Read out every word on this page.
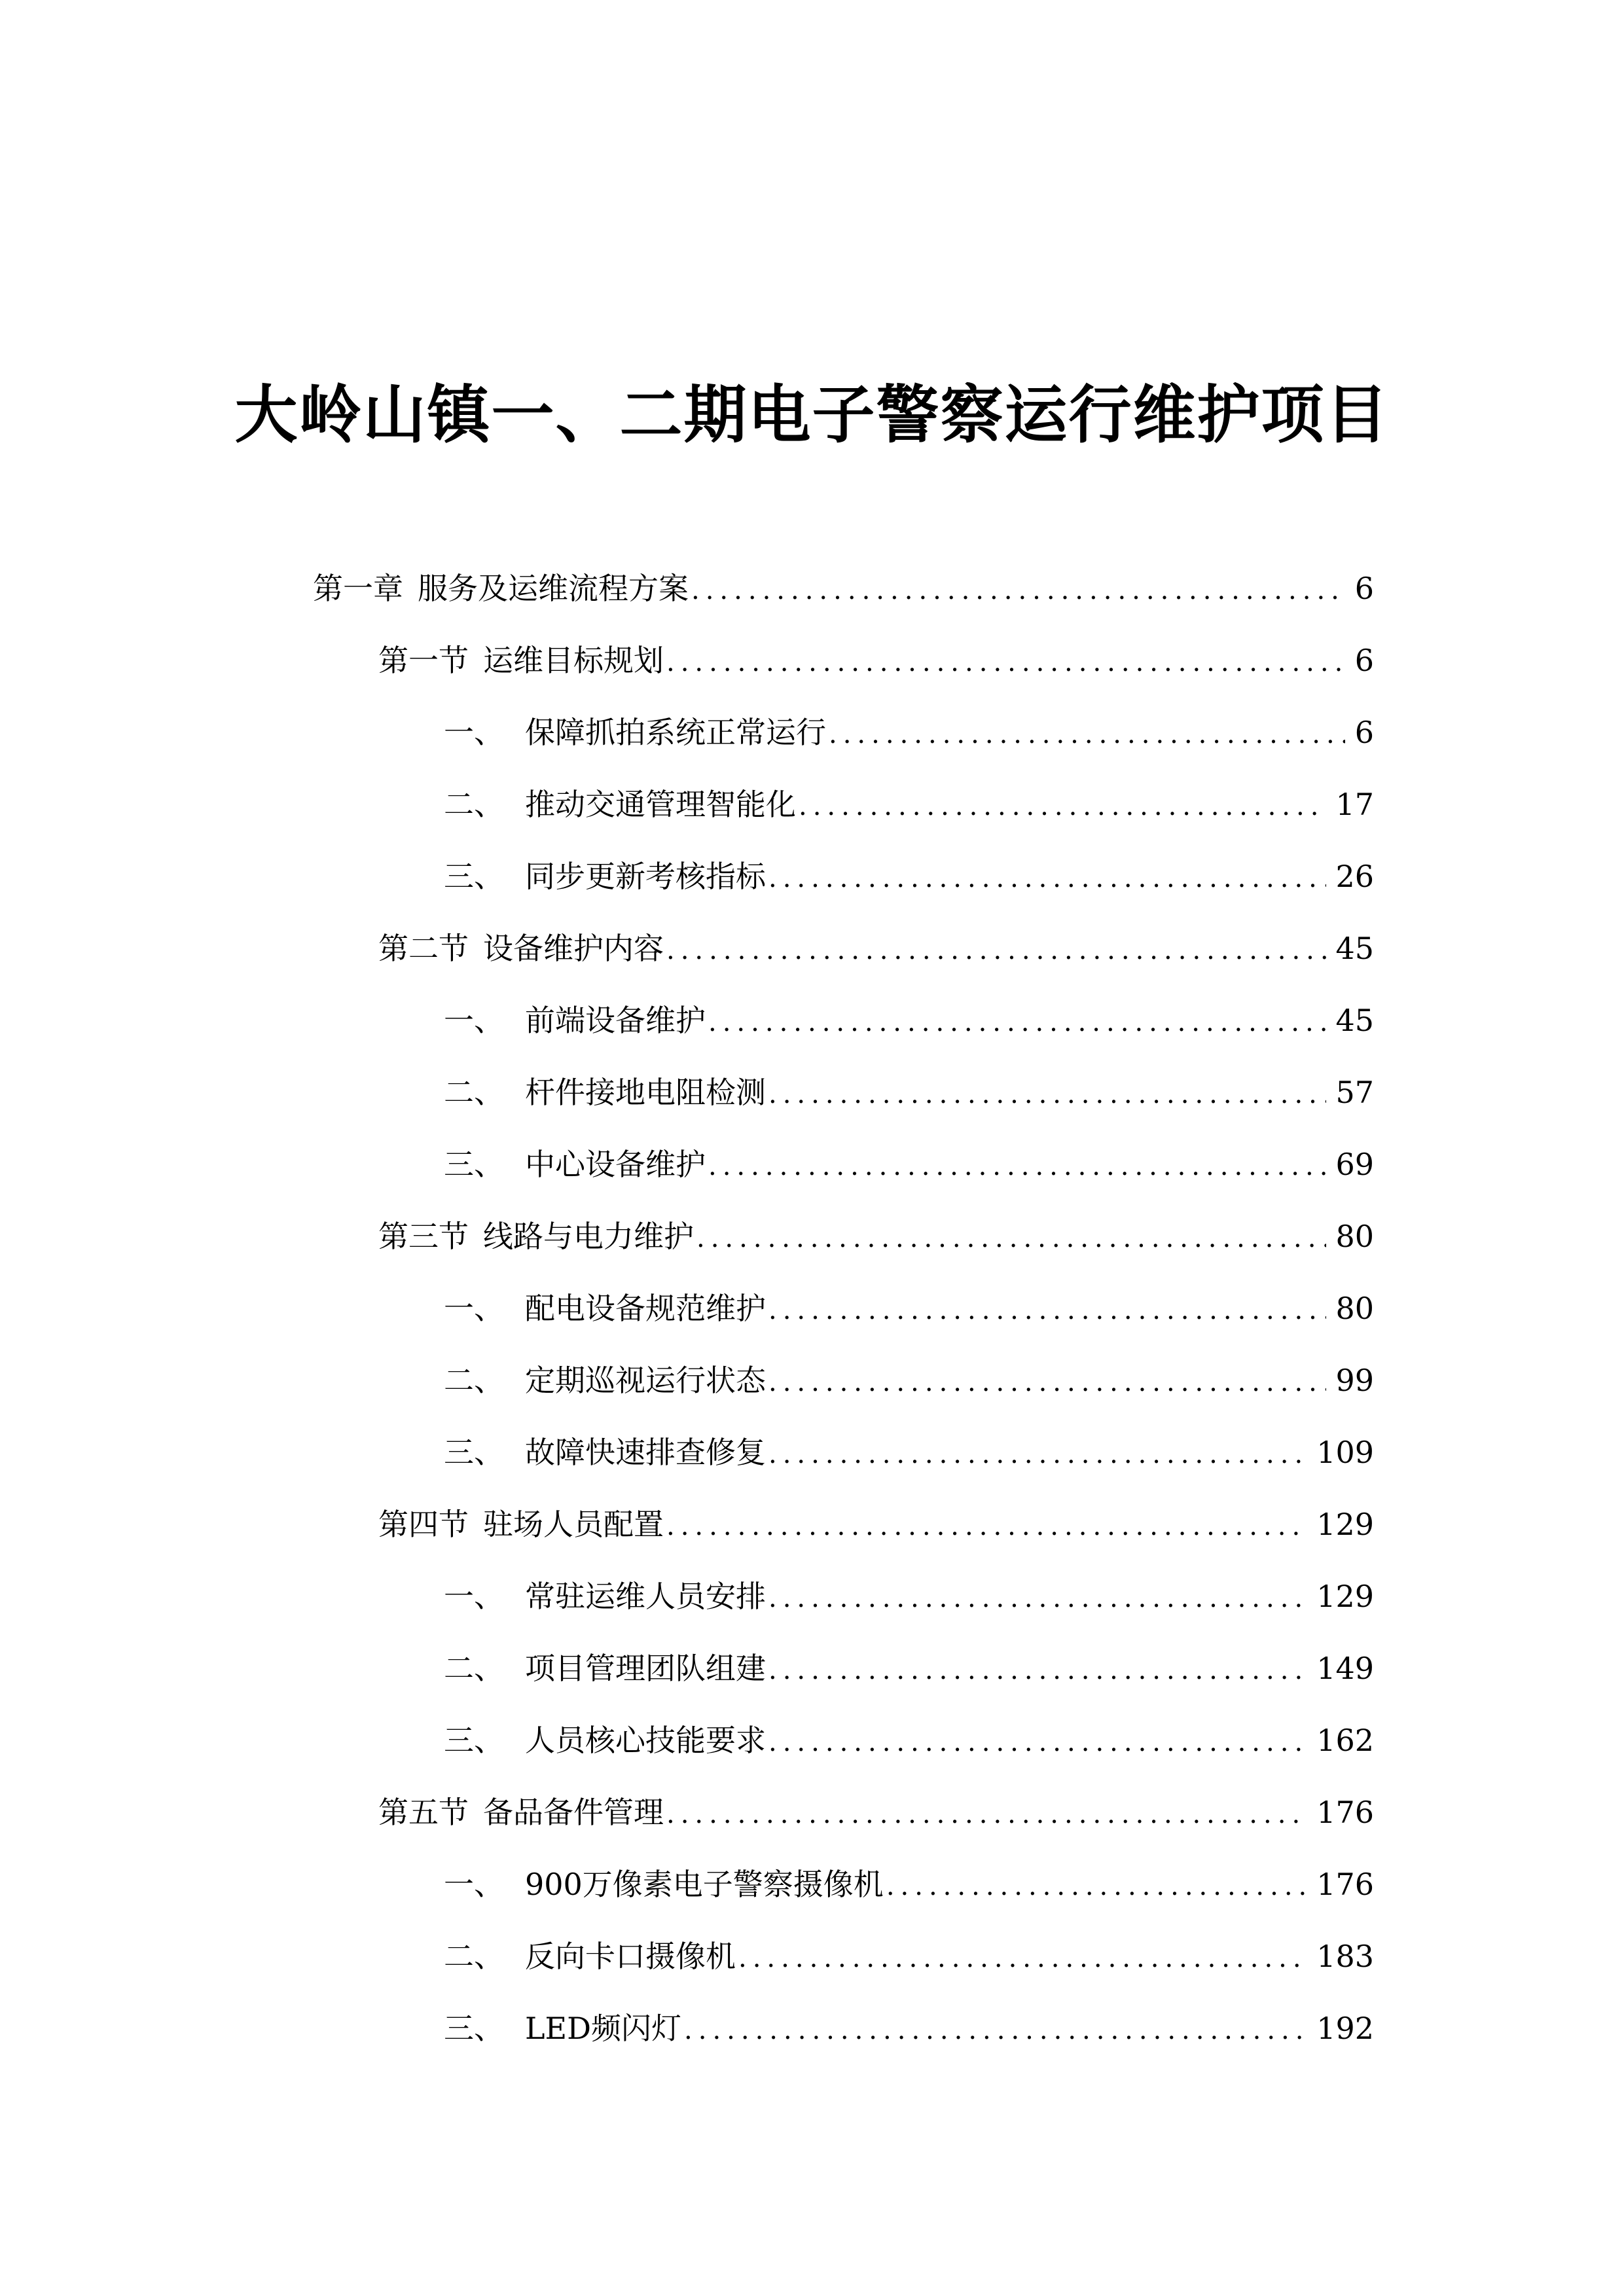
大岭山镇一、二期电子警察运行维护项目
第一章 服务及运维流程方案 .....	6
第一节 运维目标规划 .....	6
一、 保障抓拍系统正常运行 .....	6
二、 推动交通管理智能化 .....	17
三、 同步更新考核指标 .....	26
第二节 设备维护内容 .....	45
一、 前端设备维护 .....	45
二、 杆件接地电阻检测 .....	57
三、 中心设备维护 .....	69
第三节 线路与电力维护 .....	80
一、 配电设备规范维护 .....	80
二、 定期巡视运行状态 .....	99
三、 故障快速排查修复 .....	109
第四节 驻场人员配置 .....	129
一、 常驻运维人员安排 .....	129
二、 项目管理团队组建 .....	149
三、 人员核心技能要求 .....	162
第五节 备品备件管理 .....	176
一、 900万像素电子警察摄像机 .....	176
二、 反向卡口摄像机 .....	183
三、 LED频闪灯 .....	192
